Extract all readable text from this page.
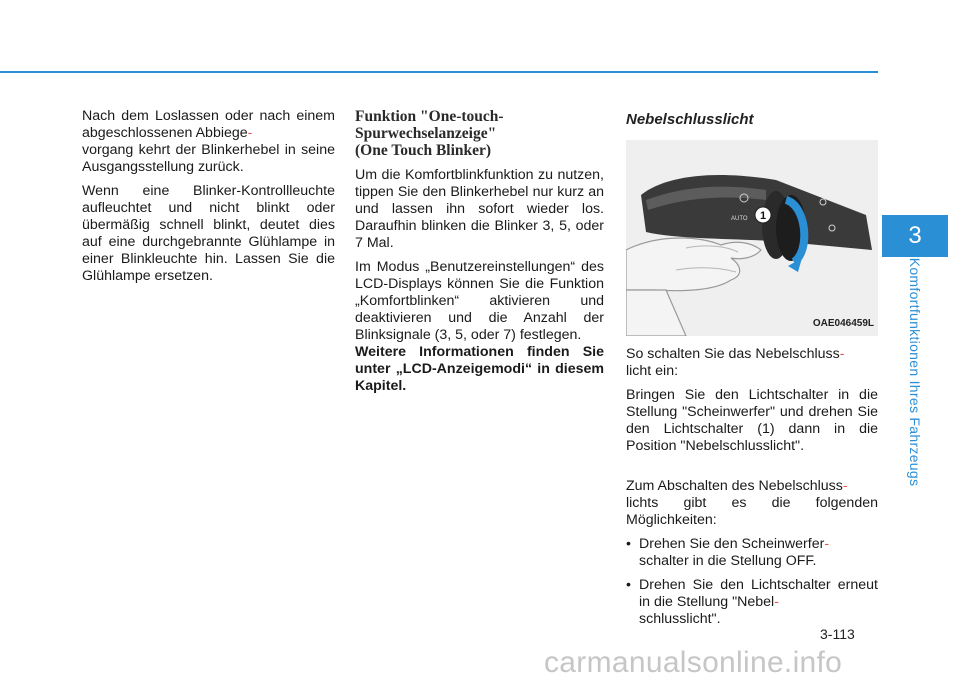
Nach dem Loslassen oder nach einem abgeschlossenen Abbiege-
vorgang kehrt der Blinkerhebel in seine Ausgangsstellung zurück.

Wenn eine Blinker-Kontrollleuchte aufleuchtet und nicht blinkt oder übermäßig schnell blinkt, deutet dies auf eine durchgebrannte Glühlampe in einer Blinkleuchte hin. Lassen Sie die Glühlampe ersetzen.

Funktion "One-touch-
Spurwechselanzeige"
(One Touch Blinker)

Um die Komfortblinkfunktion zu nutzen, tippen Sie den Blinkerhebel nur kurz an und lassen ihn sofort wieder los. Daraufhin blinken die Blinker 3, 5, oder 7 Mal.

Im Modus „Benutzereinstellungen“ des LCD-Displays können Sie die Funktion „Komfortblinken“ aktivieren und deaktivieren und die Anzahl der Blinksignale (3, 5, oder 7) festlegen.
Weitere Informationen finden Sie unter „LCD-Anzeigemodi“ in diesem Kapitel.

Nebelschlusslicht
1
AUTO
OAE046459L

So schalten Sie das Nebelschluss-
licht ein:

Bringen Sie den Lichtschalter in die Stellung "Scheinwerfer" und drehen Sie den Lichtschalter (1) dann in die Position "Nebelschlusslicht".

Zum Abschalten des Nebelschluss-
lichts gibt es die folgenden Möglichkeiten:

• Drehen Sie den Scheinwerfer-
schalter in die Stellung OFF.
• Drehen Sie den Lichtschalter erneut in die Stellung "Nebel-
schlusslicht".
3
Komfortfunktionen Ihres Fahrzeugs
3-113
carmanualsonline.info
